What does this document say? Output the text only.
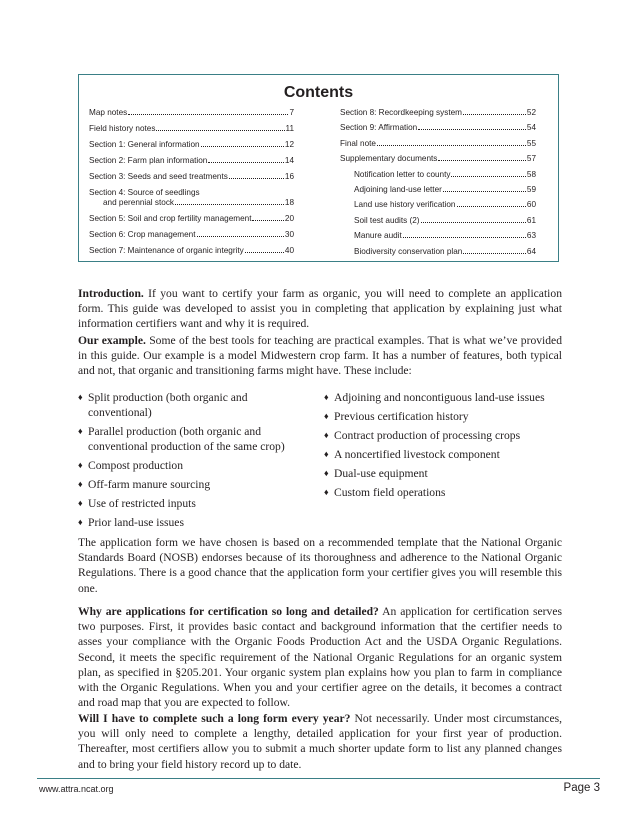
Contents
Map notes	7
Field history notes	11
Section 1: General information	12
Section 2: Farm plan information	14
Section 3: Seeds and seed treatments	16
Section 4: Source of seedlings
and perennial stock	18
Section 5: Soil and crop fertility management	20
Section 6: Crop management	30
Section 7: Maintenance of organic integrity	40
Section 8: Recordkeeping system	52
Section 9: Affirmation	54
Final note	55
Supplementary documents	57
Notification letter to county	58
Adjoining land-use letter	59
Land use history verification	60
Soil test audits (2)	61
Manure audit	63
Biodiversity conservation plan	64

Introduction. If you want to certify your farm as organic, you will need to complete an application form. This guide was developed to assist you in completing that application by explaining just what information certifiers want and why it is required.

Our example. Some of the best tools for teaching are practical examples. That is what we’ve provided in this guide. Our example is a model Midwestern crop farm. It has a number of features, both typical and not, that organic and transitioning farms might have. These include:

♦ Split production (both organic and conventional)
♦ Parallel production (both organic and conventional production of the same crop)
♦ Compost production
♦ Off-farm manure sourcing
♦ Use of restricted inputs
♦ Prior land-use issues
♦ Adjoining and noncontiguous land-use issues
♦ Previous certification history
♦ Contract production of processing crops
♦ A noncertified livestock component
♦ Dual-use equipment
♦ Custom field operations

The application form we have chosen is based on a recommended template that the National Organic Standards Board (NOSB) endorses because of its thoroughness and adherence to the National Organic Regulations. There is a good chance that the application form your certifier gives you will resemble this one.

Why are applications for certification so long and detailed? An application for certification serves two purposes. First, it provides basic contact and background information that the certifier needs to asses your compliance with the Organic Foods Production Act and the USDA Organic Regulations. Second, it meets the specific requirement of the National Organic Regulations for an organic system plan, as specified in §205.201. Your organic system plan explains how you plan to farm in compliance with the Organic Regulations. When you and your certifier agree on the details, it becomes a contract and road map that you are expected to follow.

Will I have to complete such a long form every year? Not necessarily. Under most circumstances, you will only need to complete a lengthy, detailed application for your first year of production. Thereafter, most certifiers allow you to submit a much shorter update form to list any planned changes and to bring your field history record up to date.

www.attra.ncat.org	Page 3
